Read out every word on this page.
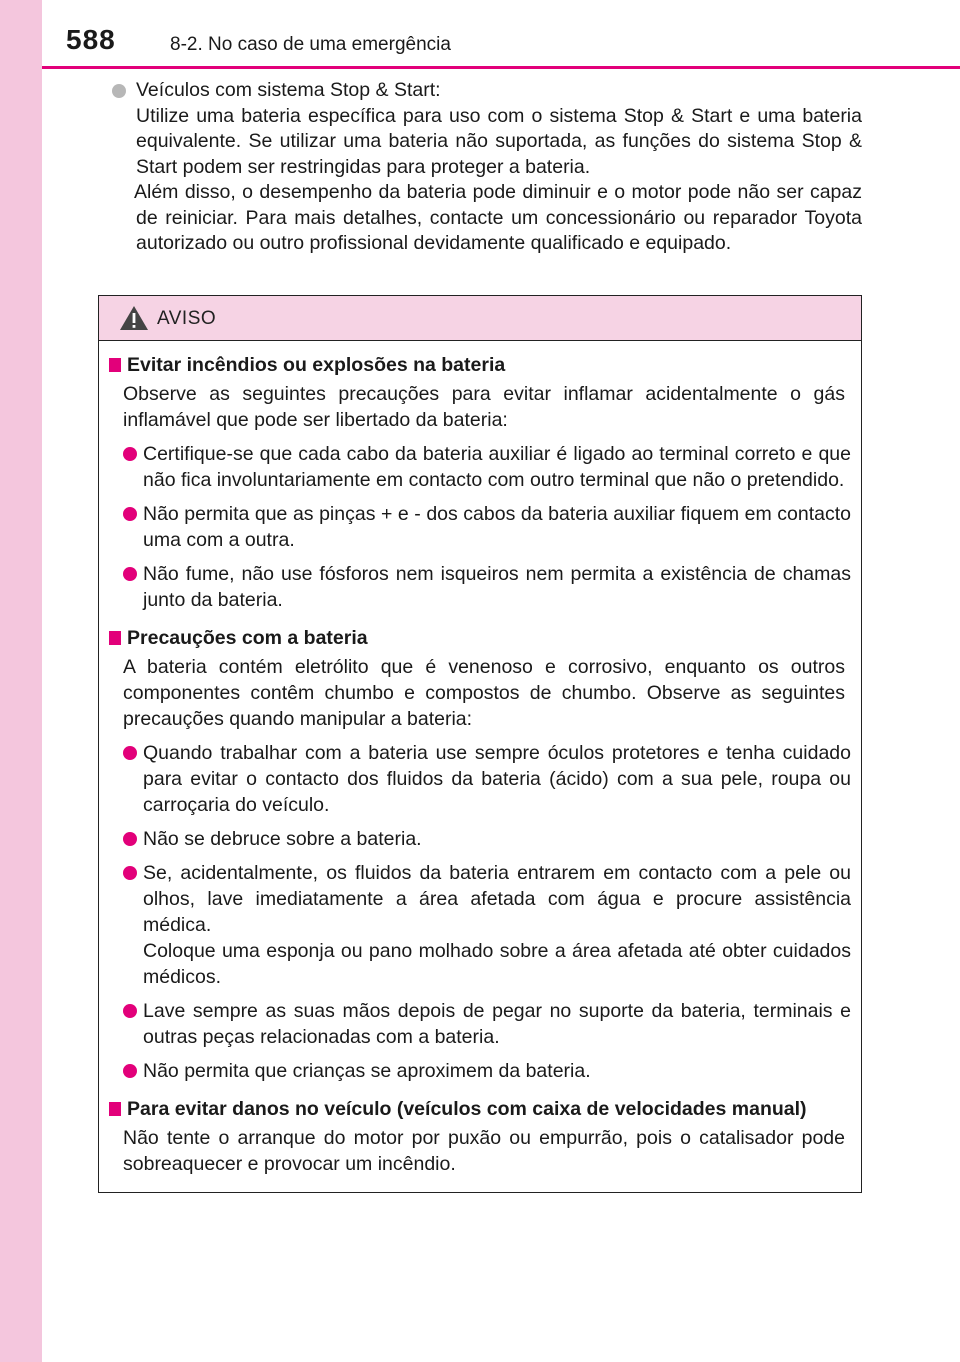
588	8-2. No caso de uma emergência

Veículos com sistema Stop & Start:

Utilize uma bateria específica para uso com o sistema Stop & Start e uma bateria equivalente. Se utilizar uma bateria não suportada, as funções do sistema Stop & Start podem ser restringidas para proteger a bateria.

Além disso, o desempenho da bateria pode diminuir e o motor pode não ser capaz de reiniciar. Para mais detalhes, contacte um concessionário ou reparador Toyota autorizado ou outro profissional devidamente qualificado e equipado.

AVISO
Evitar incêndios ou explosões na bateria

Observe as seguintes precauções para evitar inflamar acidentalmente o gás inflamável que pode ser libertado da bateria:

Certifique-se que cada cabo da bateria auxiliar é ligado ao terminal correto e que não fica involuntariamente em contacto com outro terminal que não o pretendido.

Não permita que as pinças + e - dos cabos da bateria auxiliar fiquem em contacto uma com a outra.

Não fume, não use fósforos nem isqueiros nem permita a existência de chamas junto da bateria.

Precauções com a bateria

A bateria contém eletrólito que é venenoso e corrosivo, enquanto os outros componentes contêm chumbo e compostos de chumbo. Observe as seguintes precauções quando manipular a bateria:

Quando trabalhar com a bateria use sempre óculos protetores e tenha cuidado para evitar o contacto dos fluidos da bateria (ácido) com a sua pele, roupa ou carroçaria do veículo.

Não se debruce sobre a bateria.

Se, acidentalmente, os fluidos da bateria entrarem em contacto com a pele ou olhos, lave imediatamente a área afetada com água e procure assistência médica.

Coloque uma esponja ou pano molhado sobre a área afetada até obter cuidados médicos.

Lave sempre as suas mãos depois de pegar no suporte da bateria, terminais e outras peças relacionadas com a bateria.

Não permita que crianças se aproximem da bateria.

Para evitar danos no veículo (veículos com caixa de velocidades manual)

Não tente o arranque do motor por puxão ou empurrão, pois o catalisador pode sobreaquecer e provocar um incêndio.
